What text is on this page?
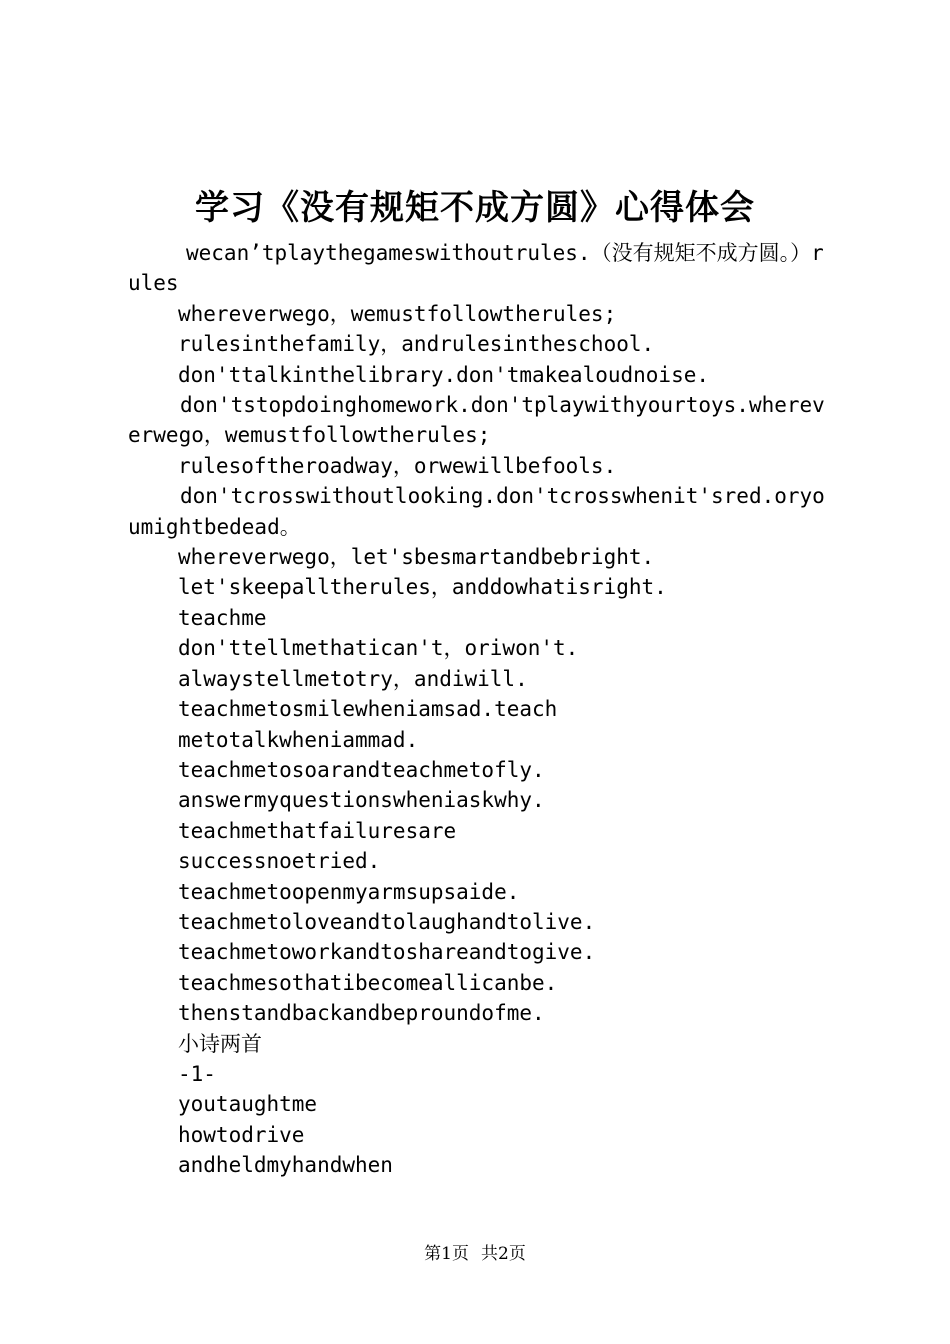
学习《没有规矩不成方圆》心得体会

wecan’tplaythegameswithoutrules.（没有规矩不成方圆。）rules

whereverwego，wemustfollowtherules;

rulesinthefamily，andrulesintheschool.

don'ttalkinthelibrary.don'tmakealoudnoise.

don'tstopdoinghomework.don'tplaywithyourtoys.whereverwego，wemustfollowtherules;

rulesoftheroadway，orwewillbefools.

don'tcrosswithoutlooking.don'tcrosswhenit'sred.oryoumightbedead。

whereverwego，let'sbesmartandbebright.

let'skeepalltherules，anddowhatisright.

teachme

don'ttellmethatican't，oriwon't.

alwaystellmetotry，andiwill.

teachmetosmilewheniamsad.teach

metotalkwheniammad.

teachmetosoarandteachmetofly.

answermyquestionswheniaskwhy.

teachmethatfailuresare

successnoetried.

teachmetoopenmyarmsupsaide.

teachmetoloveandtolaughandtolive.

teachmetoworkandtoshareandtogive.

teachmesothatibecomeallicanbe.

thenstandbackandbeproundofme.

小诗两首

-1-

youtaughtme

howtodrive

andheldmyhandwhen

第1页 共2页
